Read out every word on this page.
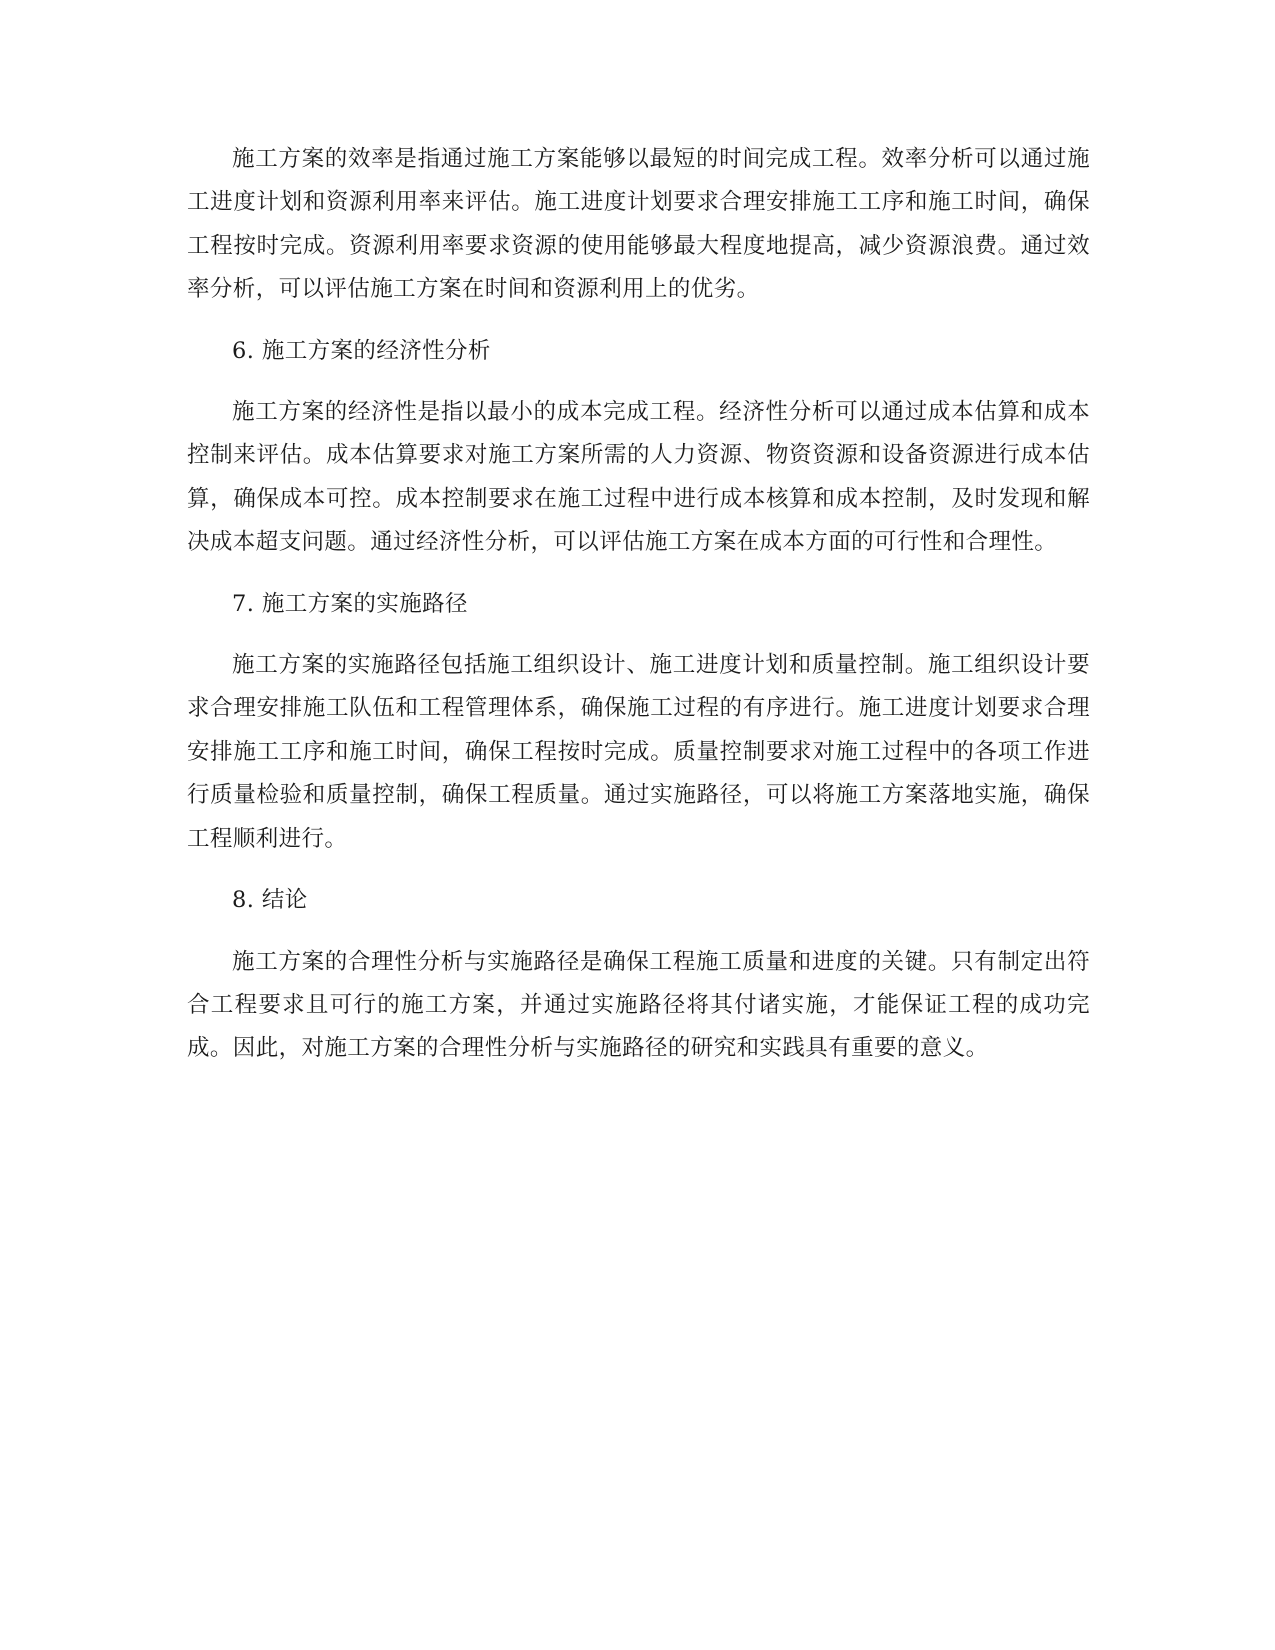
施工方案的效率是指通过施工方案能够以最短的时间完成工程。效率分析可以通过施工进度计划和资源利用率来评估。施工进度计划要求合理安排施工工序和施工时间，确保工程按时完成。资源利用率要求资源的使用能够最大程度地提高，减少资源浪费。通过效率分析，可以评估施工方案在时间和资源利用上的优劣。

6. 施工方案的经济性分析

施工方案的经济性是指以最小的成本完成工程。经济性分析可以通过成本估算和成本控制来评估。成本估算要求对施工方案所需的人力资源、物资资源和设备资源进行成本估算，确保成本可控。成本控制要求在施工过程中进行成本核算和成本控制，及时发现和解决成本超支问题。通过经济性分析，可以评估施工方案在成本方面的可行性和合理性。

7. 施工方案的实施路径

施工方案的实施路径包括施工组织设计、施工进度计划和质量控制。施工组织设计要求合理安排施工队伍和工程管理体系，确保施工过程的有序进行。施工进度计划要求合理安排施工工序和施工时间，确保工程按时完成。质量控制要求对施工过程中的各项工作进行质量检验和质量控制，确保工程质量。通过实施路径，可以将施工方案落地实施，确保工程顺利进行。

8. 结论

施工方案的合理性分析与实施路径是确保工程施工质量和进度的关键。只有制定出符合工程要求且可行的施工方案，并通过实施路径将其付诸实施，才能保证工程的成功完成。因此，对施工方案的合理性分析与实施路径的研究和实践具有重要的意义。
